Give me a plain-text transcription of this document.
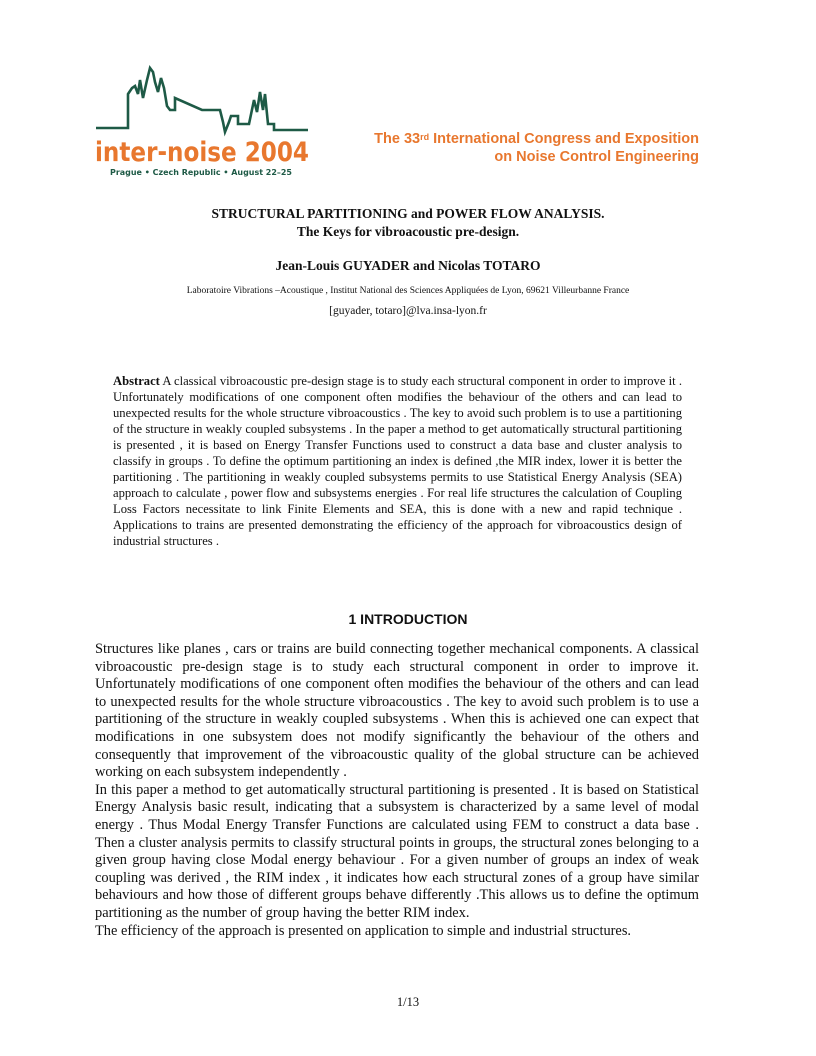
inter-noise 2004
Prague • Czech Republic • August 22–25
The 33rd International Congress and Exposition
on Noise Control Engineering
STRUCTURAL PARTITIONING and POWER FLOW ANALYSIS.
The Keys for vibroacoustic pre-design.
Jean-Louis GUYADER and Nicolas TOTARO
Laboratoire Vibrations –Acoustique , Institut National des Sciences Appliquées de Lyon, 69621 Villeurbanne France
[guyader, totaro]@lva.insa-lyon.fr
Abstract A classical vibroacoustic pre-design stage is to study each structural component in order to improve it . Unfortunately modifications of one component often modifies the behaviour of the others and can lead to unexpected results for the whole structure vibroacoustics . The key to avoid such problem is to use a partitioning of the structure in weakly coupled subsystems . In the paper a method to get automatically structural partitioning is presented , it is based on Energy Transfer Functions used to construct a data base and cluster analysis to classify in groups . To define the optimum partitioning an index is defined ,the MIR index, lower it is better the partitioning . The partitioning in weakly coupled subsystems permits to use Statistical Energy Analysis (SEA) approach to calculate , power flow and subsystems energies . For real life structures the calculation of Coupling Loss Factors necessitate to link Finite Elements and SEA, this is done with a new and rapid technique . Applications to trains are presented demonstrating the efficiency of the approach for vibroacoustics design of industrial structures .
1 INTRODUCTION

Structures like planes , cars or trains are build connecting together mechanical components. A classical vibroacoustic pre-design stage is to study each structural component in order to improve it. Unfortunately modifications of one component often modifies the behaviour of the others and can lead to unexpected results for the whole structure vibroacoustics . The key to avoid such problem is to use a partitioning of the structure in weakly coupled subsystems . When this is achieved one can expect that modifications in one subsystem does not modify significantly the behaviour of the others and consequently that improvement of the vibroacoustic quality of the global structure can be achieved working on each subsystem independently .

In this paper a method to get automatically structural partitioning is presented . It is based on Statistical Energy Analysis basic result, indicating that a subsystem is characterized by a same level of modal energy . Thus Modal Energy Transfer Functions are calculated using FEM to construct a data base . Then a cluster analysis permits to classify structural points in groups, the structural zones belonging to a given group having close Modal energy behaviour . For a given number of groups an index of weak coupling was derived , the RIM index , it indicates how each structural zones of a group have similar behaviours and how those of different groups behave differently .This allows us to define the optimum partitioning as the number of group having the better RIM index.

The efficiency of the approach is presented on application to simple and industrial structures.

1/13
